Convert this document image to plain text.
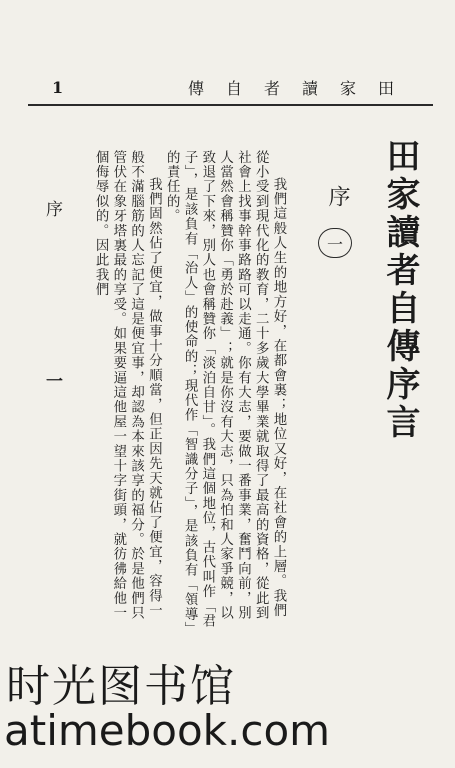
1	傳自者讀家田
序
一	田家讀者自傳序言
序
一

我們這般人生的地方好，在都會裏；地位又好，在社會的上層。我們從小受到現代化的教育，二十多歲大學畢業就取得了最高的資格，從此到社會上找事幹事路路可以走通。你有大志，要做一番事業，奮鬥向前，別人當然會稱贊你「勇於赴義」；就是你沒有大志，只為怕和人家爭競，以致退了下來，別人也會稱贊你「淡泊自甘」。我們這個地位，古代叫作「君子」，是該負有「治人」的使命的；現代作「智識分子」，是該負有「領導」的責任的。

我們固然佔了便宜，做事十分順當，但正因先天就佔了便宜，容得一般不滿腦筋的人忘記了這是便宜事，却認為本來該享的福分。於是他們只管伏在象牙塔裏最的享受。如果要逼這他屋一望十字街頭，就彷彿給他一個侮辱似的。因此我們

时光图书馆
atimebook.com
